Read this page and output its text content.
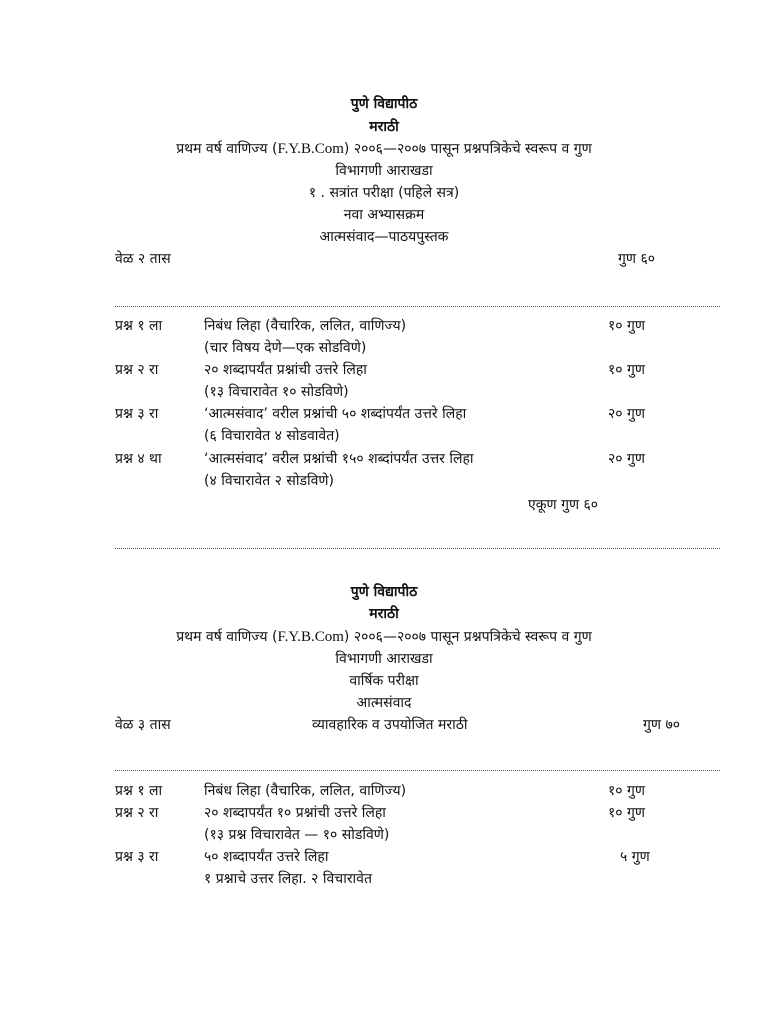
पुणे विद्यापीठ
मराठी
प्रथम वर्ष वाणिज्य (F.Y.B.Com) २००६—२००७ पासून प्रश्नपत्रिकेचे स्वरूप व गुण
विभागणी आराखडा
१ . सत्रांत परीक्षा (पहिले सत्र)
नवा अभ्यासक्रम
आत्मसंवाद—पाठयपुस्तक
वेळ २ तास	गुण ६०
प्रश्न १ ला	निबंध लिहा (वैचारिक, ललित, वाणिज्य)	१० गुण
(चार विषय देणे—एक सोडविणे)
प्रश्न २ रा	२० शब्दापर्यंत प्रश्नांची उत्तरे लिहा	१० गुण
(१३ विचारावेत १० सोडविणे)
प्रश्न ३ रा	‘आत्मसंवाद’ वरील प्रश्नांची ५० शब्दांपर्यंत उत्तरे लिहा	२० गुण
(६ विचारावेत ४ सोडवावेत)
प्रश्न ४ था	‘आत्मसंवाद’ वरील प्रश्नांची १५० शब्दांपर्यंत उत्तर लिहा	२० गुण
(४ विचारावेत २ सोडविणे)
एकूण गुण ६०
पुणे विद्यापीठ
मराठी
प्रथम वर्ष वाणिज्य (F.Y.B.Com) २००६—२००७ पासून प्रश्नपत्रिकेचे स्वरूप व गुण
विभागणी आराखडा
वार्षिक परीक्षा
आत्मसंवाद
वेळ ३ तास	व्यावहारिक व उपयोजित मराठी	गुण ७०
प्रश्न १ ला	निबंध लिहा (वैचारिक, ललित, वाणिज्य)	१० गुण
प्रश्न २ रा	२० शब्दापर्यंत १० प्रश्नांची उत्तरे लिहा	१० गुण
(१३ प्रश्न विचारावेत — १० सोडविणे)
प्रश्न ३ रा	५० शब्दापर्यंत उत्तरे लिहा	५ गुण
१ प्रश्नाचे उत्तर लिहा. २ विचारावेत
